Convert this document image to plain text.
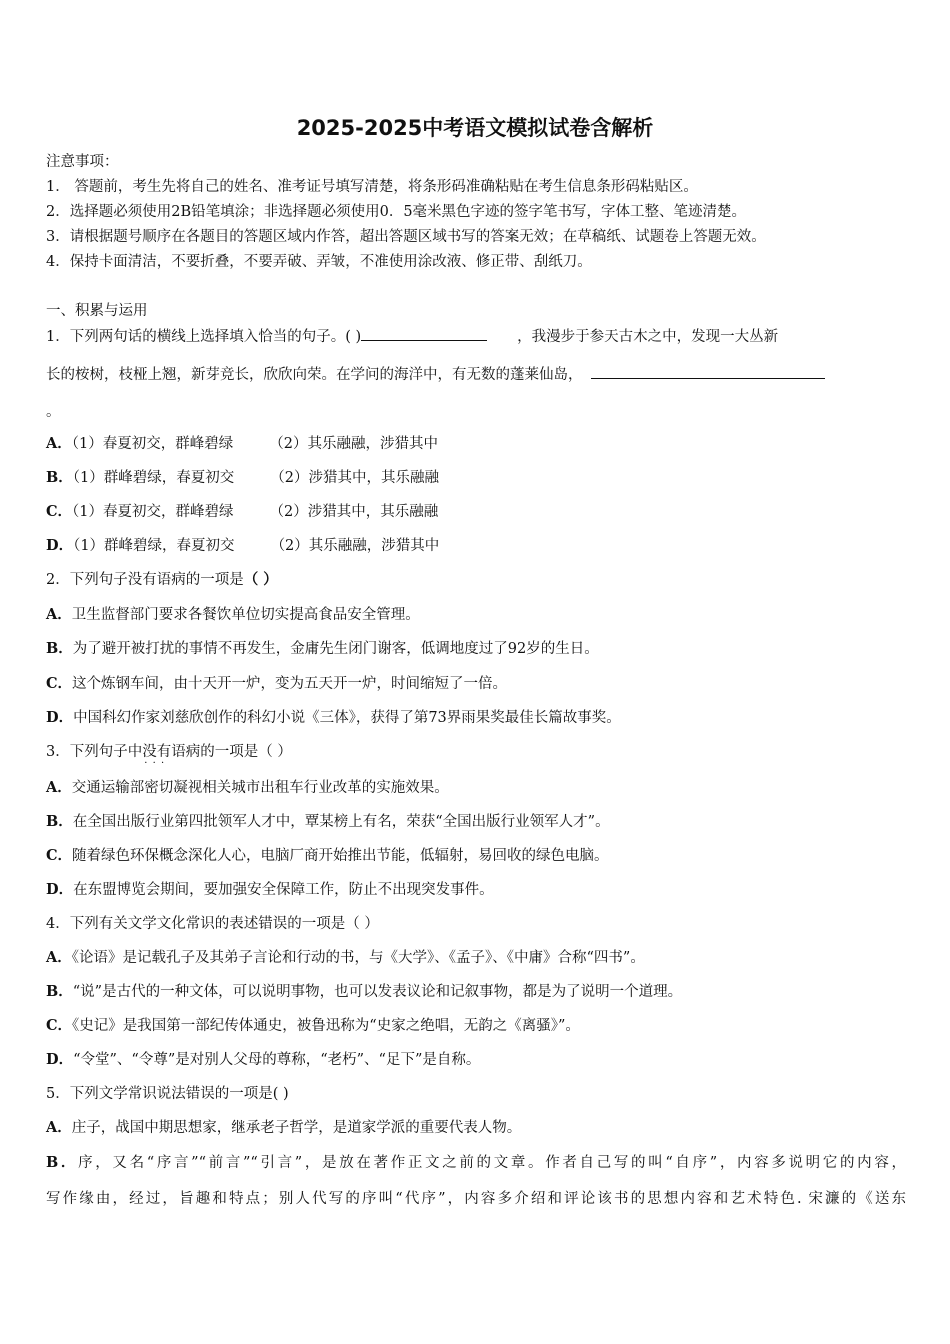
2025-2025中考语文模拟试卷含解析
注意事项：
1． 答题前，考生先将自己的姓名、准考证号填写清楚，将条形码准确粘贴在考生信息条形码粘贴区。
2．选择题必须使用2B铅笔填涂；非选择题必须使用0．5毫米黑色字迹的签字笔书写，字体工整、笔迹清楚。
3．请根据题号顺序在各题目的答题区域内作答，超出答题区域书写的答案无效；在草稿纸、试题卷上答题无效。
4．保持卡面清洁，不要折叠，不要弄破、弄皱，不准使用涂改液、修正带、刮纸刀。
一、积累与运用
1．下列两句话的横线上选择填入恰当的句子。( )	，我漫步于参天古木之中，发现一大丛新
长的桉树，枝桠上翘，新芽竞长，欣欣向荣。在学问的海洋中，有无数的蓬莱仙岛，
。
A．（1）春夏初交，群峰碧绿 （2）其乐融融，涉猎其中
B．（1）群峰碧绿，春夏初交 （2）涉猎其中，其乐融融
C．（1）春夏初交，群峰碧绿 （2）涉猎其中，其乐融融
D．（1）群峰碧绿，春夏初交 （2）其乐融融，涉猎其中
2．下列句子没有语病的一项是（ ）
A．卫生监督部门要求各餐饮单位切实提高食品安全管理。
B．为了避开被打扰的事情不再发生，金庸先生闭门谢客，低调地度过了92岁的生日。
C．这个炼钢车间，由十天开一炉，变为五天开一炉，时间缩短了一倍。
D．中国科幻作家刘慈欣创作的科幻小说《三体》，获得了第73界雨果奖最佳长篇故事奖。
3．下列句子中没有 · · ·语病的一项是（ ）
A．交通运输部密切凝视相关城市出租车行业改革的实施效果。
B．在全国出版行业第四批领军人才中，覃某榜上有名，荣获“全国出版行业领军人才”。
C．随着绿色环保概念深化人心，电脑厂商开始推出节能，低辐射，易回收的绿色电脑。
D．在东盟博览会期间，要加强安全保障工作，防止不出现突发事件。
4．下列有关文学文化常识的表述错误的一项是（ ）
A．《论语》是记载孔子及其弟子言论和行动的书，与《大学》、《孟子》、《中庸》合称“四书”。
B．“说”是古代的一种文体，可以说明事物，也可以发表议论和记叙事物，都是为了说明一个道理。
C．《史记》是我国第一部纪传体通史，被鲁迅称为“史家之绝唱，无韵之《离骚》”。
D．“令堂”、“令尊”是对别人父母的尊称，“老朽”、“足下”是自称。
5．下列文学常识说法错误的一项是( )
A．庄子，战国中期思想家，继承老子哲学，是道家学派的重要代表人物。
B．序，又名“序言”“前言”“引言”，是放在著作正文之前的文章。作者自己写的叫“自序”，内容多说明它的内容，
写作缘由，经过，旨趣和特点；别人代写的序叫“代序”，内容多介绍和评论该书的思想内容和艺术特色. 宋濂的《送东
